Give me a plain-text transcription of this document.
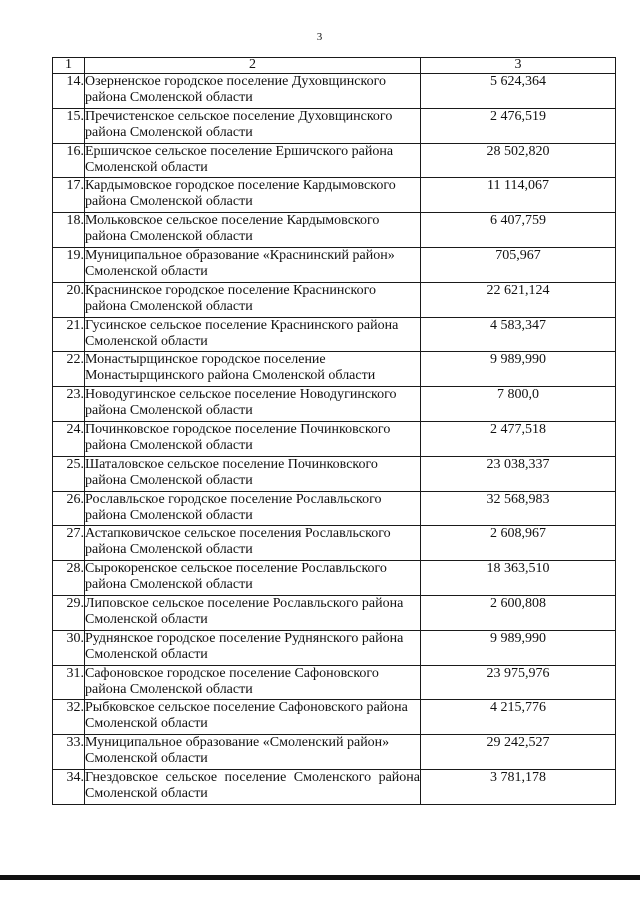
3
1	2	3
14.	Озерненское городское поселение Духовщинского района Смоленской области	5 624,364
15.	Пречистенское сельское поселение Духовщинского района Смоленской области	2 476,519
16.	Ершичское сельское поселение Ершичского района Смоленской области	28 502,820
17.	Кардымовское городское поселение Кардымовского района Смоленской области	11 114,067
18.	Мольковское сельское поселение Кардымовского района Смоленской области	6 407,759
19.	Муниципальное образование «Краснинский район» Смоленской области	705,967
20.	Краснинское городское поселение Краснинского района Смоленской области	22 621,124
21.	Гусинское сельское поселение Краснинского района Смоленской области	4 583,347
22.	Монастырщинское городское поселение Монастырщинского района Смоленской области	9 989,990
23.	Новодугинское сельское поселение Новодугинского района Смоленской области	7 800,0
24.	Починковское городское поселение Починковского района Смоленской области	2 477,518
25.	Шаталовское сельское поселение Починковского района Смоленской области	23 038,337
26.	Рославльское городское поселение Рославльского района Смоленской области	32 568,983
27.	Астапковичское сельское поселения Рославльского района Смоленской области	2 608,967
28.	Сырокоренское сельское поселение Рославльского района Смоленской области	18 363,510
29.	Липовское сельское поселение Рославльского района Смоленской области	2 600,808
30.	Руднянское городское поселение Руднянского района Смоленской области	9 989,990
31.	Сафоновское городское поселение Сафоновского района Смоленской области	23 975,976
32.	Рыбковское сельское поселение Сафоновского района Смоленской области	4 215,776
33.	Муниципальное образование «Смоленский район» Смоленской области	29 242,527
34.	Гнездовское сельское поселение Смоленского района Смоленской области	3 781,178
